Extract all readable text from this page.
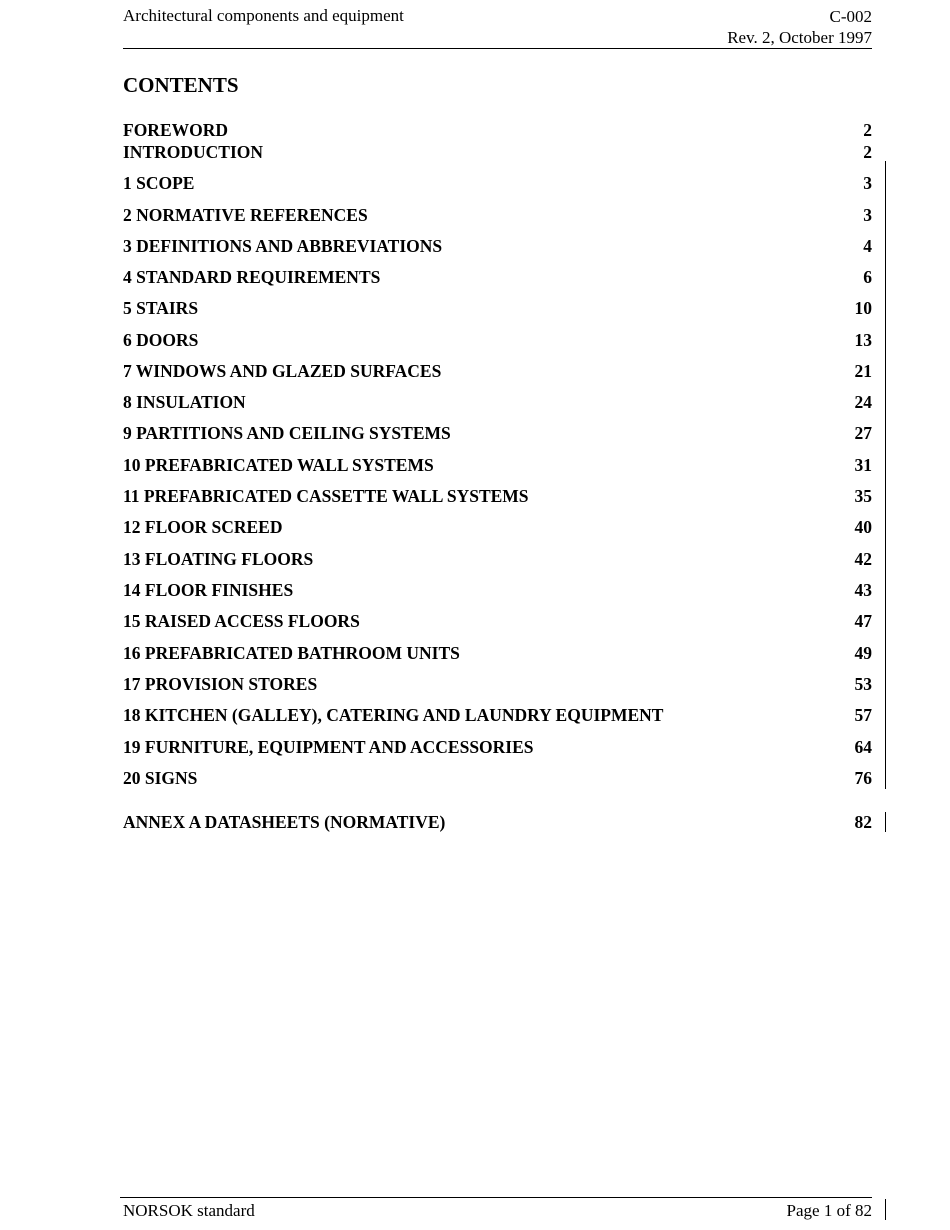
Architectural components and equipment	C-002
Rev. 2, October 1997
CONTENTS
FOREWORD	2
INTRODUCTION	2
1 SCOPE	3
2 NORMATIVE REFERENCES	3
3 DEFINITIONS AND ABBREVIATIONS	4
4 STANDARD REQUIREMENTS	6
5 STAIRS	10
6 DOORS	13
7 WINDOWS AND GLAZED SURFACES	21
8 INSULATION	24
9 PARTITIONS AND CEILING SYSTEMS	27
10 PREFABRICATED WALL SYSTEMS	31
11 PREFABRICATED CASSETTE WALL SYSTEMS	35
12 FLOOR SCREED	40
13 FLOATING FLOORS	42
14 FLOOR FINISHES	43
15 RAISED ACCESS FLOORS	47
16 PREFABRICATED BATHROOM UNITS	49
17 PROVISION STORES	53
18 KITCHEN (GALLEY), CATERING AND LAUNDRY EQUIPMENT	57
19 FURNITURE, EQUIPMENT AND ACCESSORIES	64
20 SIGNS	76
ANNEX A DATASHEETS (NORMATIVE)	82
NORSOK standard	Page 1 of 82
